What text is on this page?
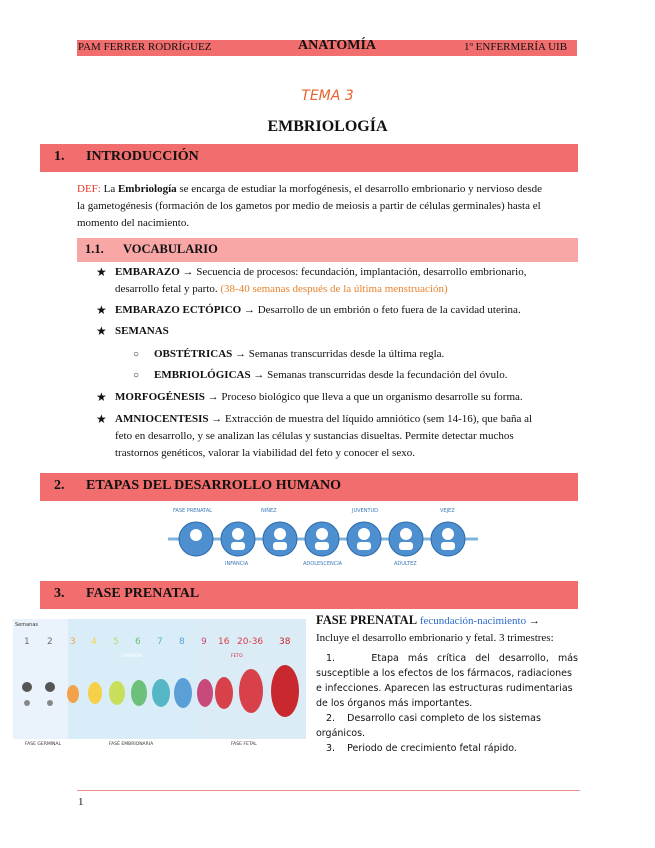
PAM FERRER RODRÍGUEZ	ANATOMÍA	1º ENFERMERÍA UIB
TEMA 3
EMBRIOLOGÍA
1. INTRODUCCIÓN
DEF: La Embriología se encarga de estudiar la morfogénesis, el desarrollo embrionario y nervioso desde
la gametogénesis (formación de los gametos por medio de meiosis a partir de células germinales) hasta el
momento del nacimiento.
1.1. VOCABULARIO
★ EMBARAZO → Secuencia de procesos: fecundación, implantación, desarrollo embrionario,
desarrollo fetal y parto. (38-40 semanas después de la última menstruación)
★ EMBARAZO ECTÓPICO → Desarrollo de un embrión o feto fuera de la cavidad uterina.
★ SEMANAS
○ OBSTÉTRICAS → Semanas transcurridas desde la última regla.
○ EMBRIOLÓGICAS → Semanas transcurridas desde la fecundación del óvulo.
★ MORFOGÉNESIS → Proceso biológico que lleva a que un organismo desarrolle su forma.
★ AMNIOCENTESIS → Extracción de muestra del líquido amniótico (sem 14-16), que baña al
feto en desarrollo, y se analizan las células y sustancias disueltas. Permite detectar muchos
trastornos genéticos, valorar la viabilidad del feto y conocer el sexo.
2. ETAPAS DEL DESARROLLO HUMANO
FASE PRENATAL	NIÑEZ	JUVENTUD	VEJEZ
INFANCIA	ADOLESCENCIA	ADULTEZ
3. FASE PRENATAL
Semanas
1 2 3 4 5 6 7 8 9 16 20-36 38
EMBRIÓN	FETO
FASE GERMINAL	FASE EMBRIONARIA	FASE FETAL
FASE PRENATAL fecundación-nacimiento →
Incluye el desarrollo embrionario y fetal. 3 trimestres:
1.	Etapa más crítica del desarrollo, más
susceptible a los efectos de los fármacos, radiaciones
e infecciones. Aparecen las estructuras rudimentarias
de los órganos más importantes.
2. Desarrollo casi completo de los sistemas
orgánicos.
3. Periodo de crecimiento fetal rápido.
1
